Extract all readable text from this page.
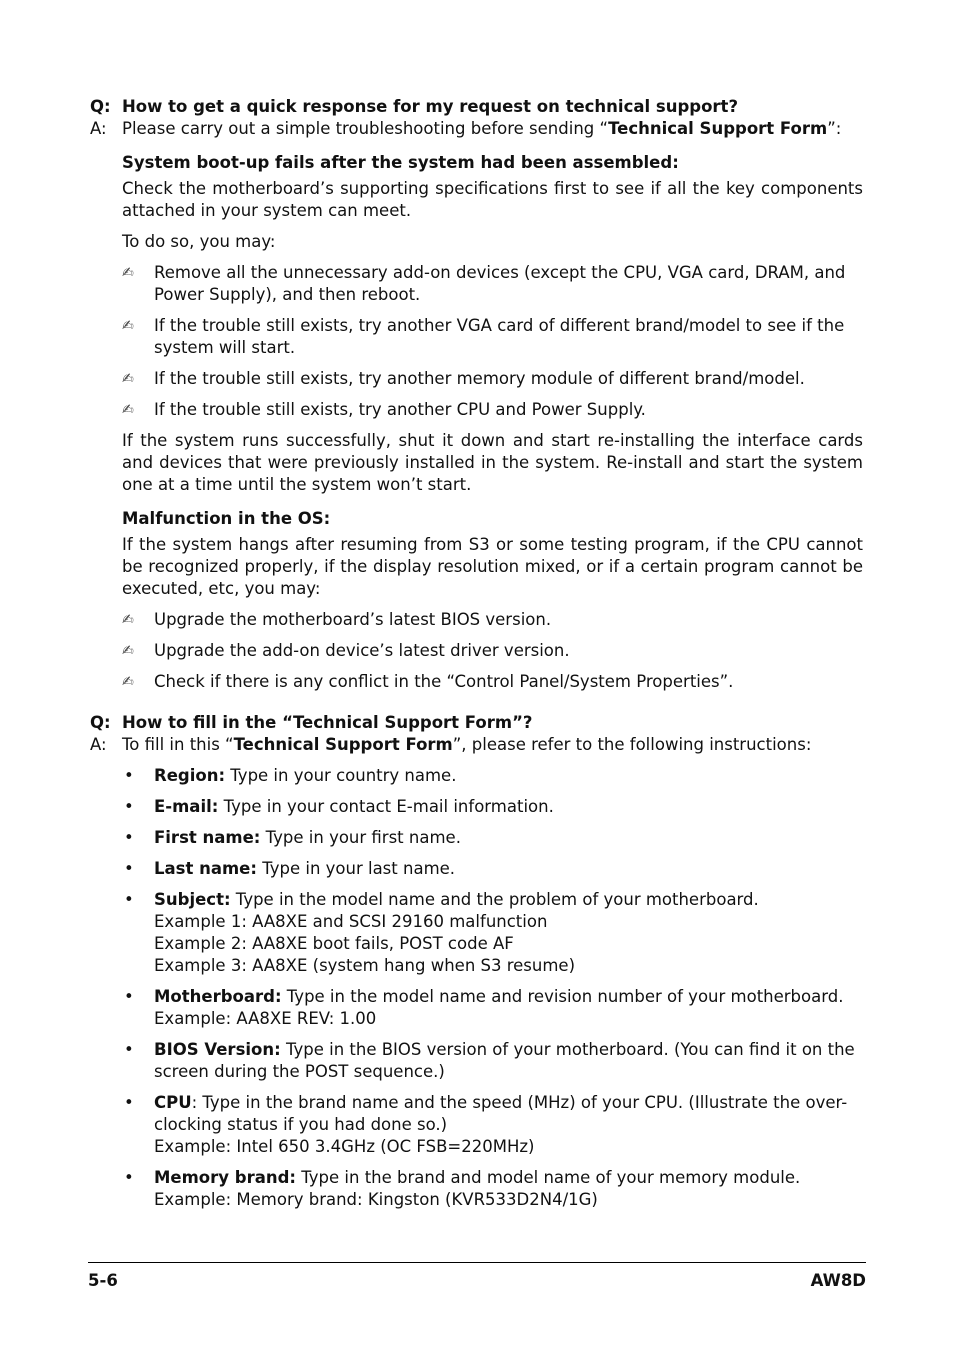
Q: How to get a quick response for my request on technical support?
A: Please carry out a simple troubleshooting before sending “Technical Support Form”:

System boot-up fails after the system had been assembled:

Check the motherboard’s supporting specifications first to see if all the key components attached in your system can meet.

To do so, you may:

✍	Remove all the unnecessary add-on devices (except the CPU, VGA card, DRAM, and Power Supply), and then reboot.
✍	If the trouble still exists, try another VGA card of different brand/model to see if the system will start.
✍	If the trouble still exists, try another memory module of different brand/model.
✍	If the trouble still exists, try another CPU and Power Supply.

If the system runs successfully, shut it down and start re-installing the interface cards and devices that were previously installed in the system. Re-install and start the system one at a time until the system won’t start.

Malfunction in the OS:

If the system hangs after resuming from S3 or some testing program, if the CPU cannot be recognized properly, if the display resolution mixed, or if a certain program cannot be executed, etc, you may:

✍	Upgrade the motherboard’s latest BIOS version.
✍	Upgrade the add-on device’s latest driver version.
✍	Check if there is any conflict in the “Control Panel/System Properties”.
Q: How to fill in the “Technical Support Form”?
A: To fill in this “Technical Support Form”, please refer to the following instructions:
•	Region: Type in your country name.
•	E-mail: Type in your contact E-mail information.
•	First name: Type in your first name.
•	Last name: Type in your last name.
•	Subject: Type in the model name and the problem of your motherboard.
Example 1: AA8XE and SCSI 29160 malfunction
Example 2: AA8XE boot fails, POST code AF
Example 3: AA8XE (system hang when S3 resume)
•	Motherboard: Type in the model name and revision number of your motherboard.
Example: AA8XE REV: 1.00
•	BIOS Version: Type in the BIOS version of your motherboard. (You can find it on the screen during the POST sequence.)
•	CPU: Type in the brand name and the speed (MHz) of your CPU. (Illustrate the over-clocking status if you had done so.)
Example: Intel 650 3.4GHz (OC FSB=220MHz)
•	Memory brand: Type in the brand and model name of your memory module.
Example: Memory brand: Kingston (KVR533D2N4/1G)
5-6	AW8D
